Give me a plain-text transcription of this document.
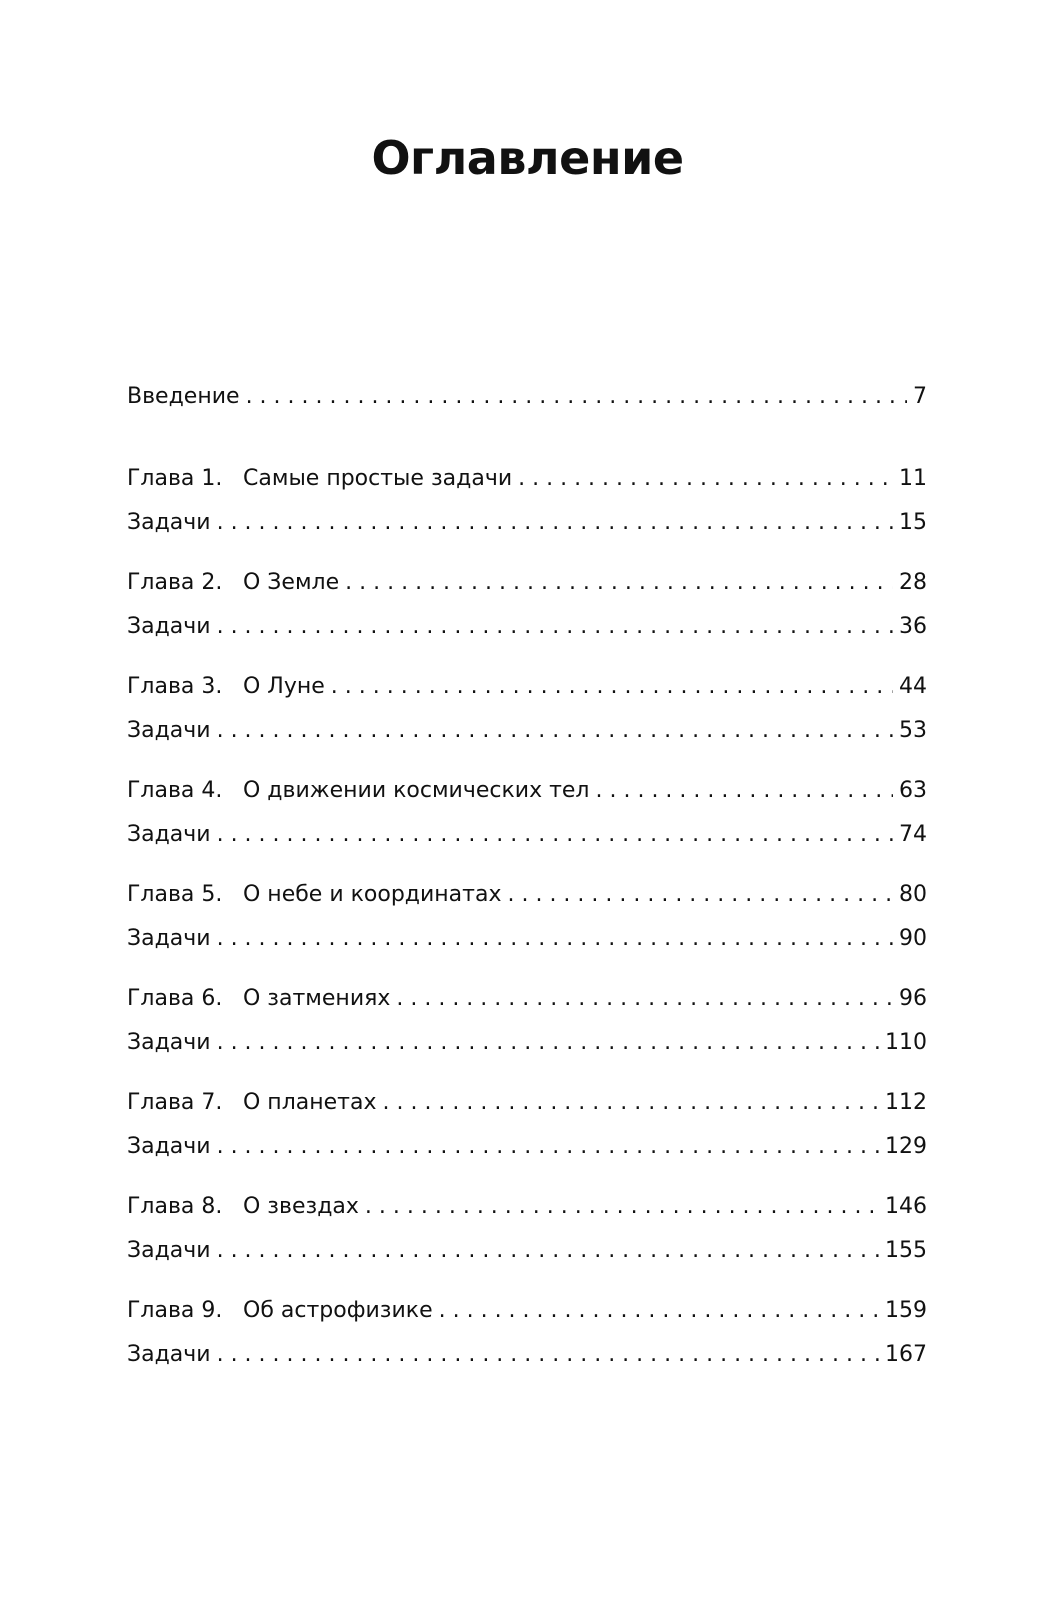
Оглавление
Введение . . .	7
Глава 1. Самые простые задачи . . .	11
Задачи . . .	15
Глава 2. О Земле . . .	28
Задачи . . .	36
Глава 3. О Луне . . .	44
Задачи . . .	53
Глава 4. О движении космических тел . . .	63
Задачи . . .	74
Глава 5. О небе и координатах . . .	80
Задачи . . .	90
Глава 6. О затмениях . . .	96
Задачи . . .	110
Глава 7. О планетах . . .	112
Задачи . . .	129
Глава 8. О звездах . . .	146
Задачи . . .	155
Глава 9. Об астрофизике . . .	159
Задачи . . .	167
